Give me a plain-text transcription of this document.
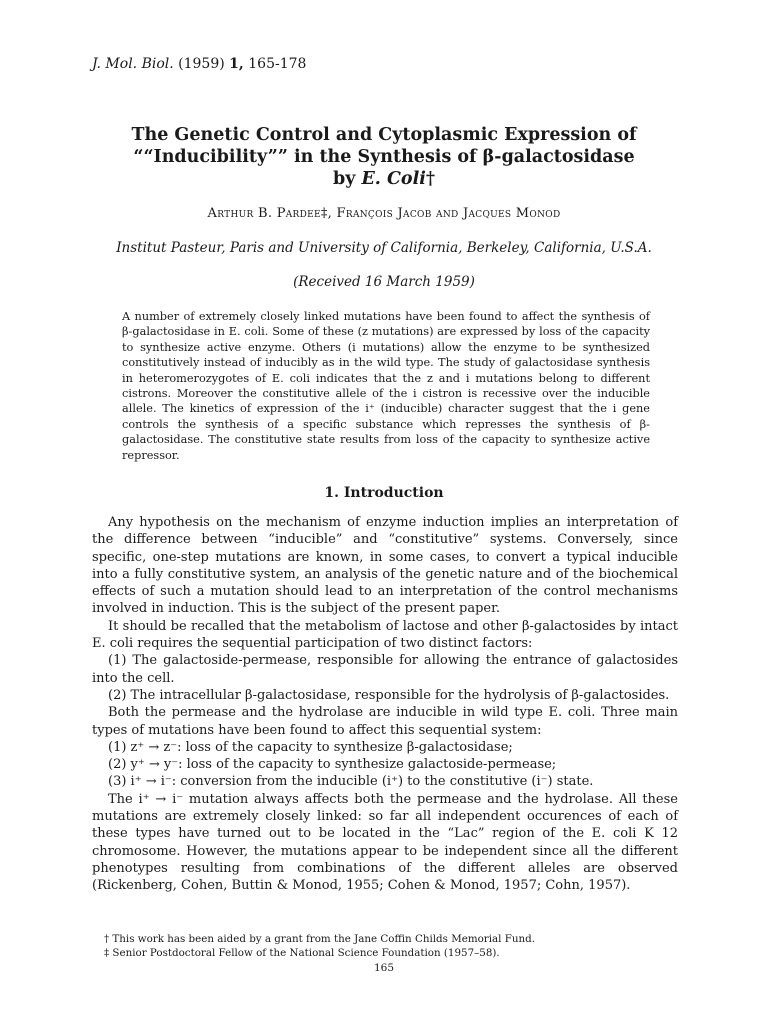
J. Mol. Biol. (1959) 1, 165-178
The Genetic Control and Cytoplasmic Expression of
““Inducibility”” in the Synthesis of β-galactosidase
by E. Coli†
Arthur B. Pardee‡, François Jacob and Jacques Monod
Institut Pasteur, Paris and University of California, Berkeley, California, U.S.A.
(Received 16 March 1959)
A number of extremely closely linked mutations have been found to affect the synthesis of β-galactosidase in E. coli. Some of these (z mutations) are expressed by loss of the capacity to synthesize active enzyme. Others (i mutations) allow the enzyme to be synthesized constitutively instead of inducibly as in the wild type. The study of galactosidase synthesis in heteromerozygotes of E. coli indicates that the z and i mutations belong to different cistrons. Moreover the constitutive allele of the i cistron is recessive over the inducible allele. The kinetics of expression of the i⁺ (inducible) character suggest that the i gene controls the synthesis of a specific substance which represses the synthesis of β-galactosidase. The constitutive state results from loss of the capacity to synthesize active repressor.
1. Introduction

Any hypothesis on the mechanism of enzyme induction implies an interpretation of the difference between “inducible” and “constitutive” systems. Conversely, since specific, one-step mutations are known, in some cases, to convert a typical inducible into a fully constitutive system, an analysis of the genetic nature and of the biochemical effects of such a mutation should lead to an interpretation of the control mechanisms involved in induction. This is the subject of the present paper.

It should be recalled that the metabolism of lactose and other β-galactosides by intact E. coli requires the sequential participation of two distinct factors:

(1) The galactoside-permease, responsible for allowing the entrance of galactosides into the cell.

(2) The intracellular β-galactosidase, responsible for the hydrolysis of β-galactosides.

Both the permease and the hydrolase are inducible in wild type E. coli. Three main types of mutations have been found to affect this sequential system:

(1) z⁺ → z⁻: loss of the capacity to synthesize β-galactosidase;

(2) y⁺ → y⁻: loss of the capacity to synthesize galactoside-permease;

(3) i⁺ → i⁻: conversion from the inducible (i⁺) to the constitutive (i⁻) state.

The i⁺ → i⁻ mutation always affects both the permease and the hydrolase. All these mutations are extremely closely linked: so far all independent occurences of each of these types have turned out to be located in the “Lac” region of the E. coli K 12 chromosome. However, the mutations appear to be independent since all the different phenotypes resulting from combinations of the different alleles are observed (Rickenberg, Cohen, Buttin & Monod, 1955; Cohen & Monod, 1957; Cohn, 1957).

† This work has been aided by a grant from the Jane Coffin Childs Memorial Fund.
‡ Senior Postdoctoral Fellow of the National Science Foundation (1957–58).
165
